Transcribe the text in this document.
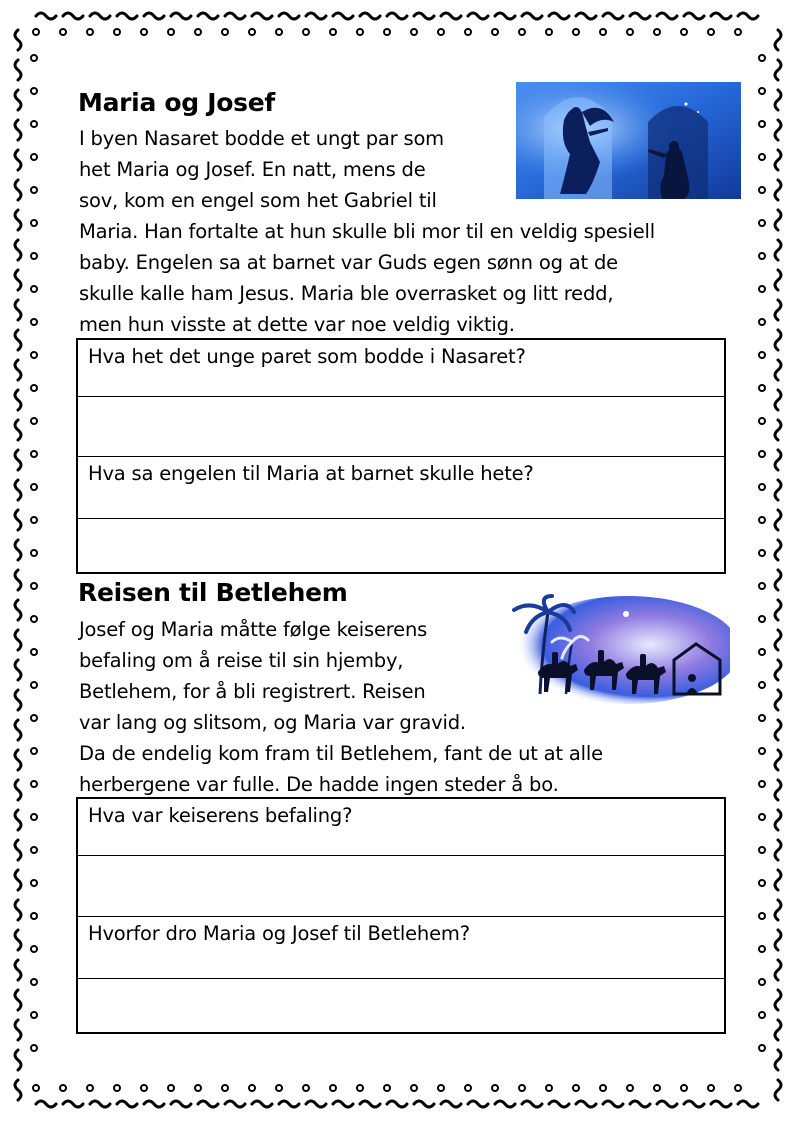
Maria og Josef
I byen Nasaret bodde et ungt par som
het Maria og Josef. En natt, mens de
sov, kom en engel som het Gabriel til
Maria. Han fortalte at hun skulle bli mor til en veldig spesiell
baby. Engelen sa at barnet var Guds egen sønn og at de
skulle kalle ham Jesus. Maria ble overrasket og litt redd,
men hun visste at dette var noe veldig viktig.
Hva het det unge paret som bodde i Nasaret?
Hva sa engelen til Maria at barnet skulle hete?
Reisen til Betlehem
Josef og Maria måtte følge keiserens
befaling om å reise til sin hjemby,
Betlehem, for å bli registrert. Reisen
var lang og slitsom, og Maria var gravid.
Da de endelig kom fram til Betlehem, fant de ut at alle
herbergene var fulle. De hadde ingen steder å bo.
Hva var keiserens befaling?
Hvorfor dro Maria og Josef til Betlehem?
